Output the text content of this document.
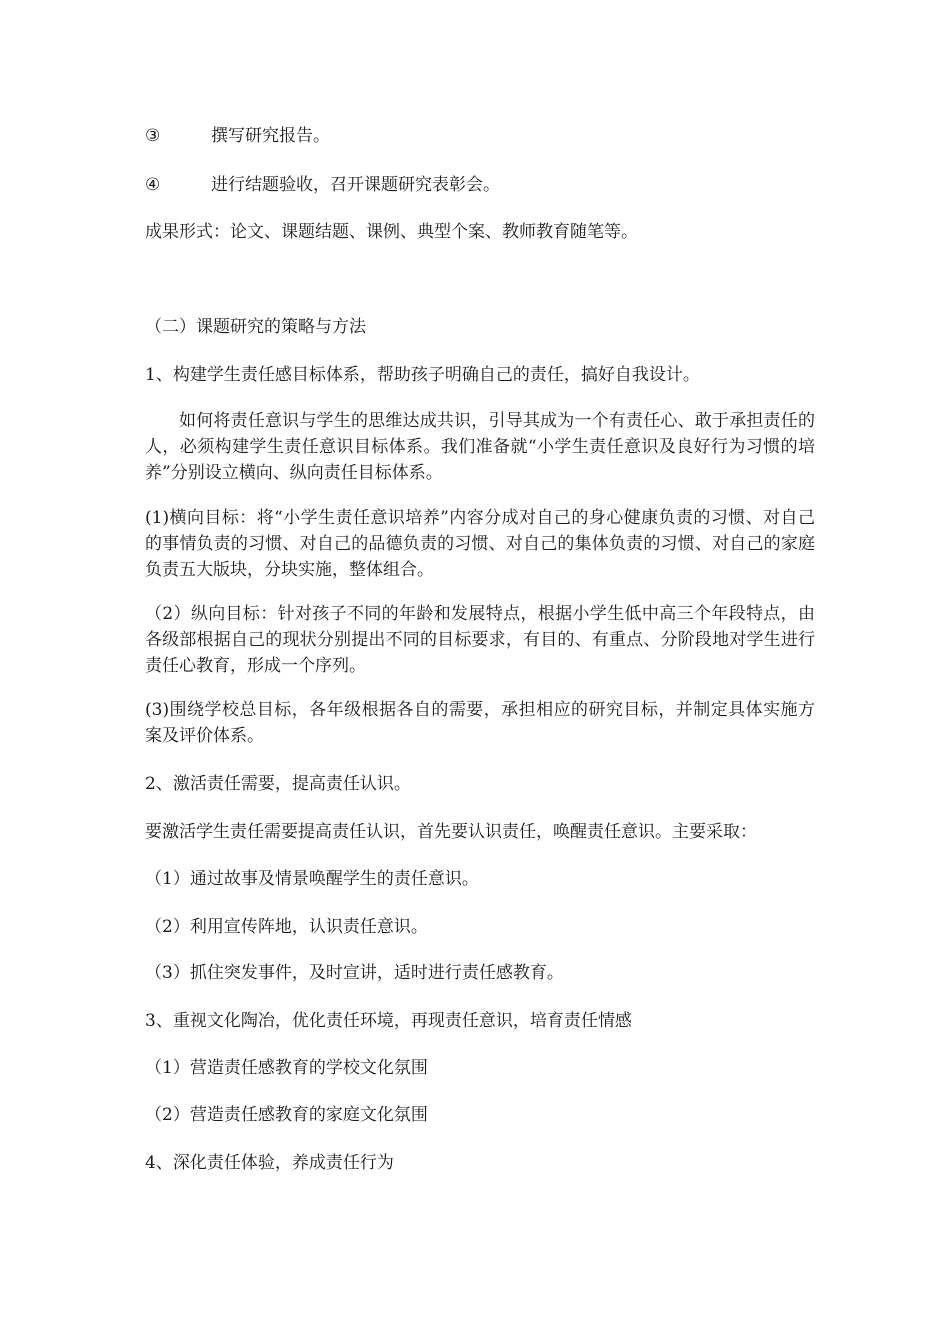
③	撰写研究报告。
④	进行结题验收，召开课题研究表彰会。
成果形式：论文、课题结题、课例、典型个案、教师教育随笔等。
（二）课题研究的策略与方法
1、构建学生责任感目标体系，帮助孩子明确自己的责任，搞好自我设计。
如何将责任意识与学生的思维达成共识，引导其成为一个有责任心、敢于承担责任的人，必须构建学生责任意识目标体系。我们准备就“小学生责任意识及良好行为习惯的培养”分别设立横向、纵向责任目标体系。
(1)横向目标：将“小学生责任意识培养”内容分成对自己的身心健康负责的习惯、对自己的事情负责的习惯、对自己的品德负责的习惯、对自己的集体负责的习惯、对自己的家庭负责五大版块，分块实施，整体组合。
（2）纵向目标：针对孩子不同的年龄和发展特点，根据小学生低中高三个年段特点，由各级部根据自己的现状分别提出不同的目标要求，有目的、有重点、分阶段地对学生进行责任心教育，形成一个序列。
(3)围绕学校总目标，各年级根据各自的需要，承担相应的研究目标，并制定具体实施方案及评价体系。
2、激活责任需要，提高责任认识。
要激活学生责任需要提高责任认识，首先要认识责任，唤醒责任意识。主要采取：
（1）通过故事及情景唤醒学生的责任意识。
（2）利用宣传阵地，认识责任意识。
（3）抓住突发事件，及时宣讲，适时进行责任感教育。
3、重视文化陶冶，优化责任环境，再现责任意识，培育责任情感
（1）营造责任感教育的学校文化氛围
（2）营造责任感教育的家庭文化氛围
4、深化责任体验，养成责任行为
